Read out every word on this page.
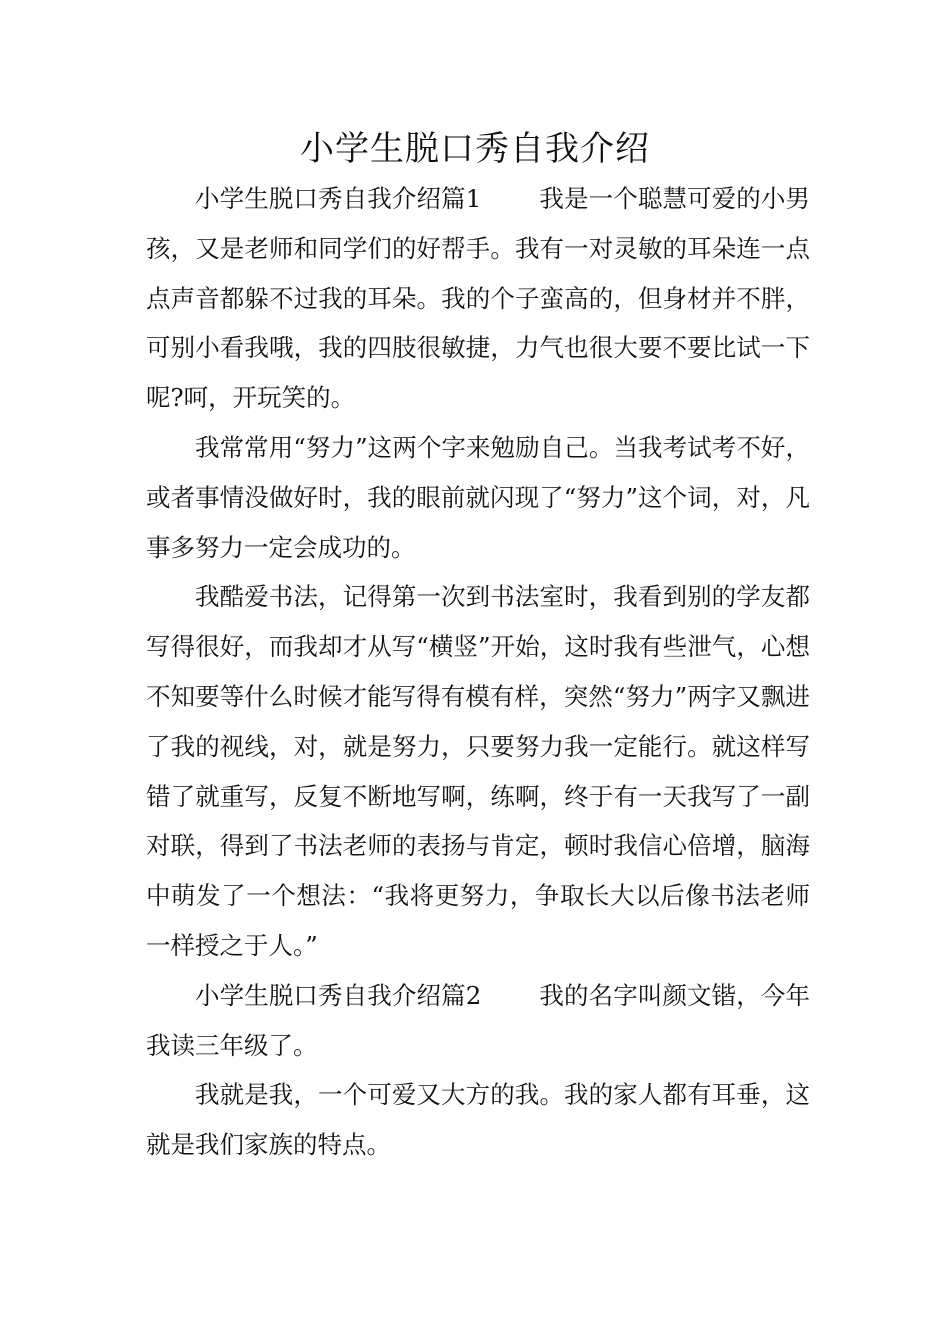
小学生脱口秀自我介绍

小学生脱口秀自我介绍篇1 我是一个聪慧可爱的小男孩，又是老师和同学们的好帮手。我有一对灵敏的耳朵连一点点声音都躲不过我的耳朵。我的个子蛮高的，但身材并不胖，可别小看我哦，我的四肢很敏捷，力气也很大要不要比试一下呢?呵，开玩笑的。

我常常用“努力”这两个字来勉励自己。当我考试考不好，或者事情没做好时，我的眼前就闪现了“努力”这个词，对，凡事多努力一定会成功的。

我酷爱书法，记得第一次到书法室时，我看到别的学友都写得很好，而我却才从写“横竖”开始，这时我有些泄气，心想不知要等什么时候才能写得有模有样，突然“努力”两字又飘进了我的视线，对，就是努力，只要努力我一定能行。就这样写错了就重写，反复不断地写啊，练啊，终于有一天我写了一副对联，得到了书法老师的表扬与肯定，顿时我信心倍增，脑海中萌发了一个想法：“我将更努力，争取长大以后像书法老师一样授之于人。”

小学生脱口秀自我介绍篇2 我的名字叫颜文锴，今年我读三年级了。

我就是我，一个可爱又大方的我。我的家人都有耳垂，这就是我们家族的特点。
